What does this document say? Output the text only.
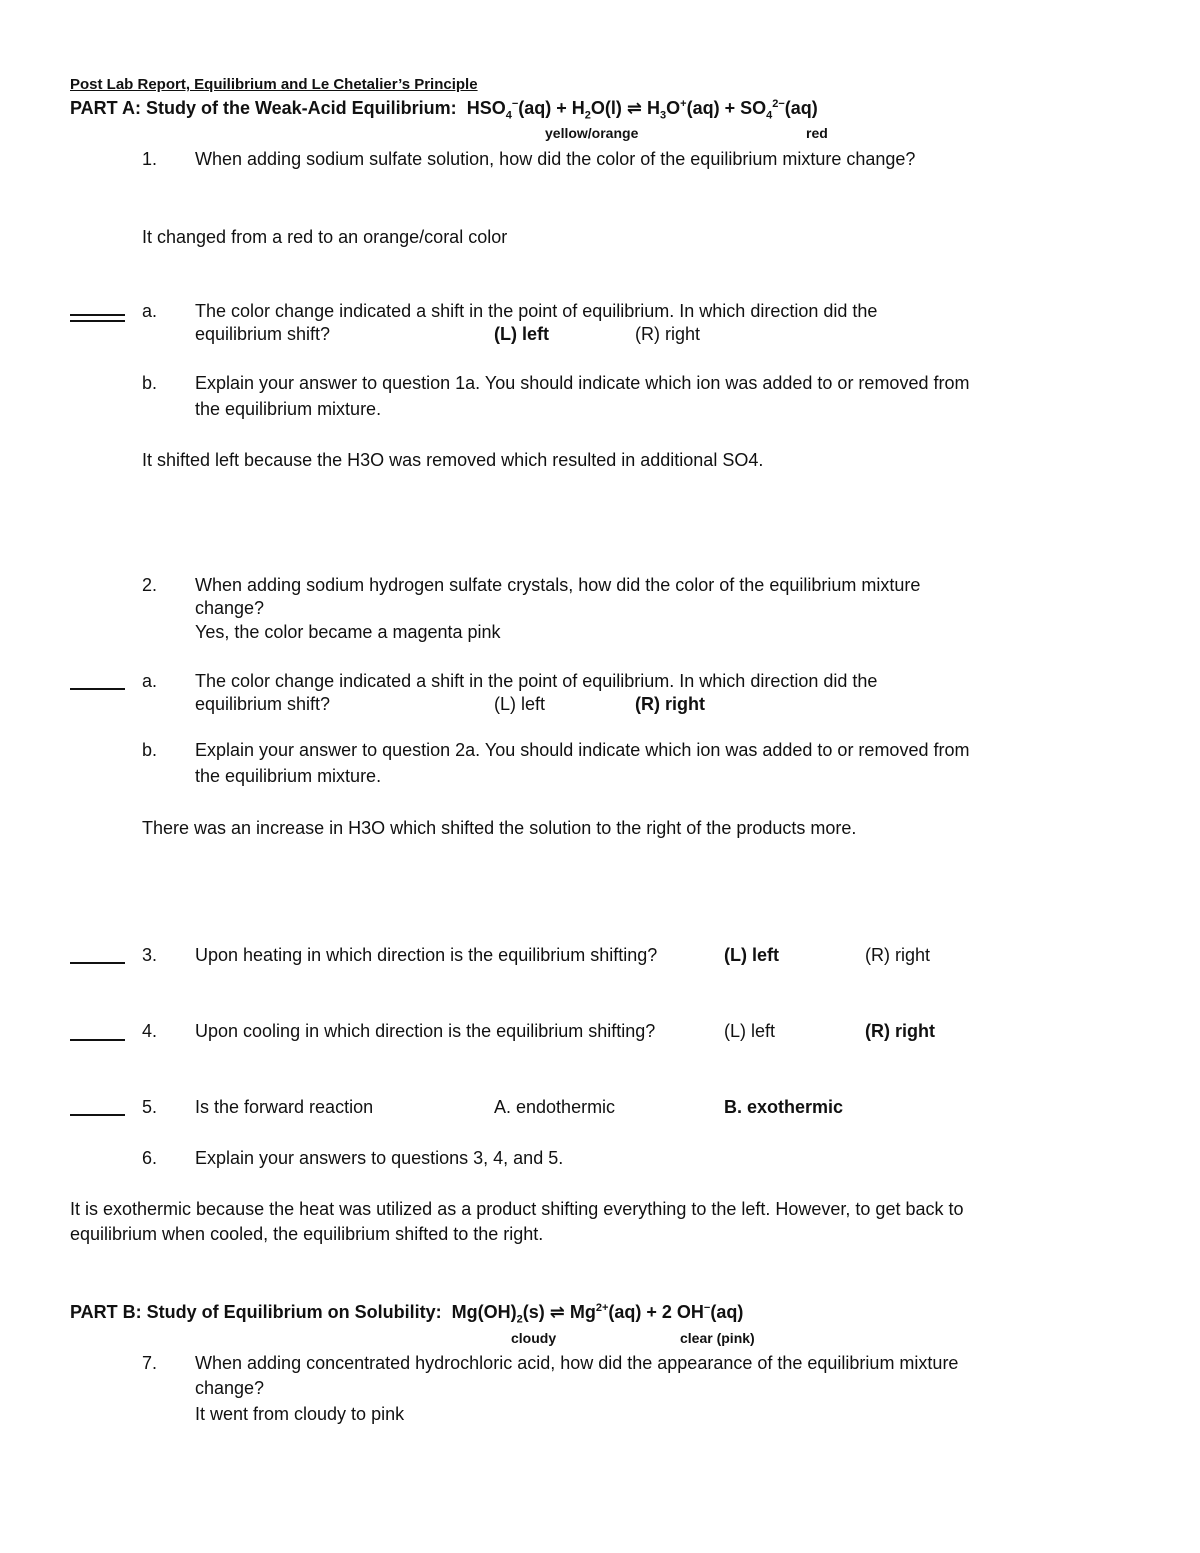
Post Lab Report, Equilibrium and Le Chetalier’s Principle
PART A: Study of the Weak-Acid Equilibrium: $HSO_4^-(aq) + H_2O(l)$ ⇌ $H_3O^+(aq) + SO_4^{2-}(aq)$
yellow/orange	red
1. When adding sodium sulfate solution, how did the color of the equilibrium mixture change?
It changed from a red to an orange/coral color
a. The color change indicated a shift in the point of equilibrium. In which direction did the
equilibrium shift?	(L) left	(R) right
b. Explain your answer to question 1a. You should indicate which ion was added to or removed from
the equilibrium mixture.
It shifted left because the H3O was removed which resulted in additional SO4.
2. When adding sodium hydrogen sulfate crystals, how did the color of the equilibrium mixture
change?
Yes, the color became a magenta pink
a. The color change indicated a shift in the point of equilibrium. In which direction did the
equilibrium shift?	(L) left	(R) right
b. Explain your answer to question 2a. You should indicate which ion was added to or removed from
the equilibrium mixture.
There was an increase in H3O which shifted the solution to the right of the products more.
3. Upon heating in which direction is the equilibrium shifting?	(L) left	(R) right
4. Upon cooling in which direction is the equilibrium shifting?	(L) left	(R) right
5. Is the forward reaction	A. endothermic	B. exothermic
6. Explain your answers to questions 3, 4, and 5.
It is exothermic because the heat was utilized as a product shifting everything to the left. However, to get back to
equilibrium when cooled, the equilibrium shifted to the right.
PART B: Study of Equilibrium on Solubility: $Mg(OH)_2(s)$ ⇌ $Mg^{2+}(aq) + 2$ OH−(aq)
cloudy	clear (pink)
7. When adding concentrated hydrochloric acid, how did the appearance of the equilibrium mixture
change?
It went from cloudy to pink
